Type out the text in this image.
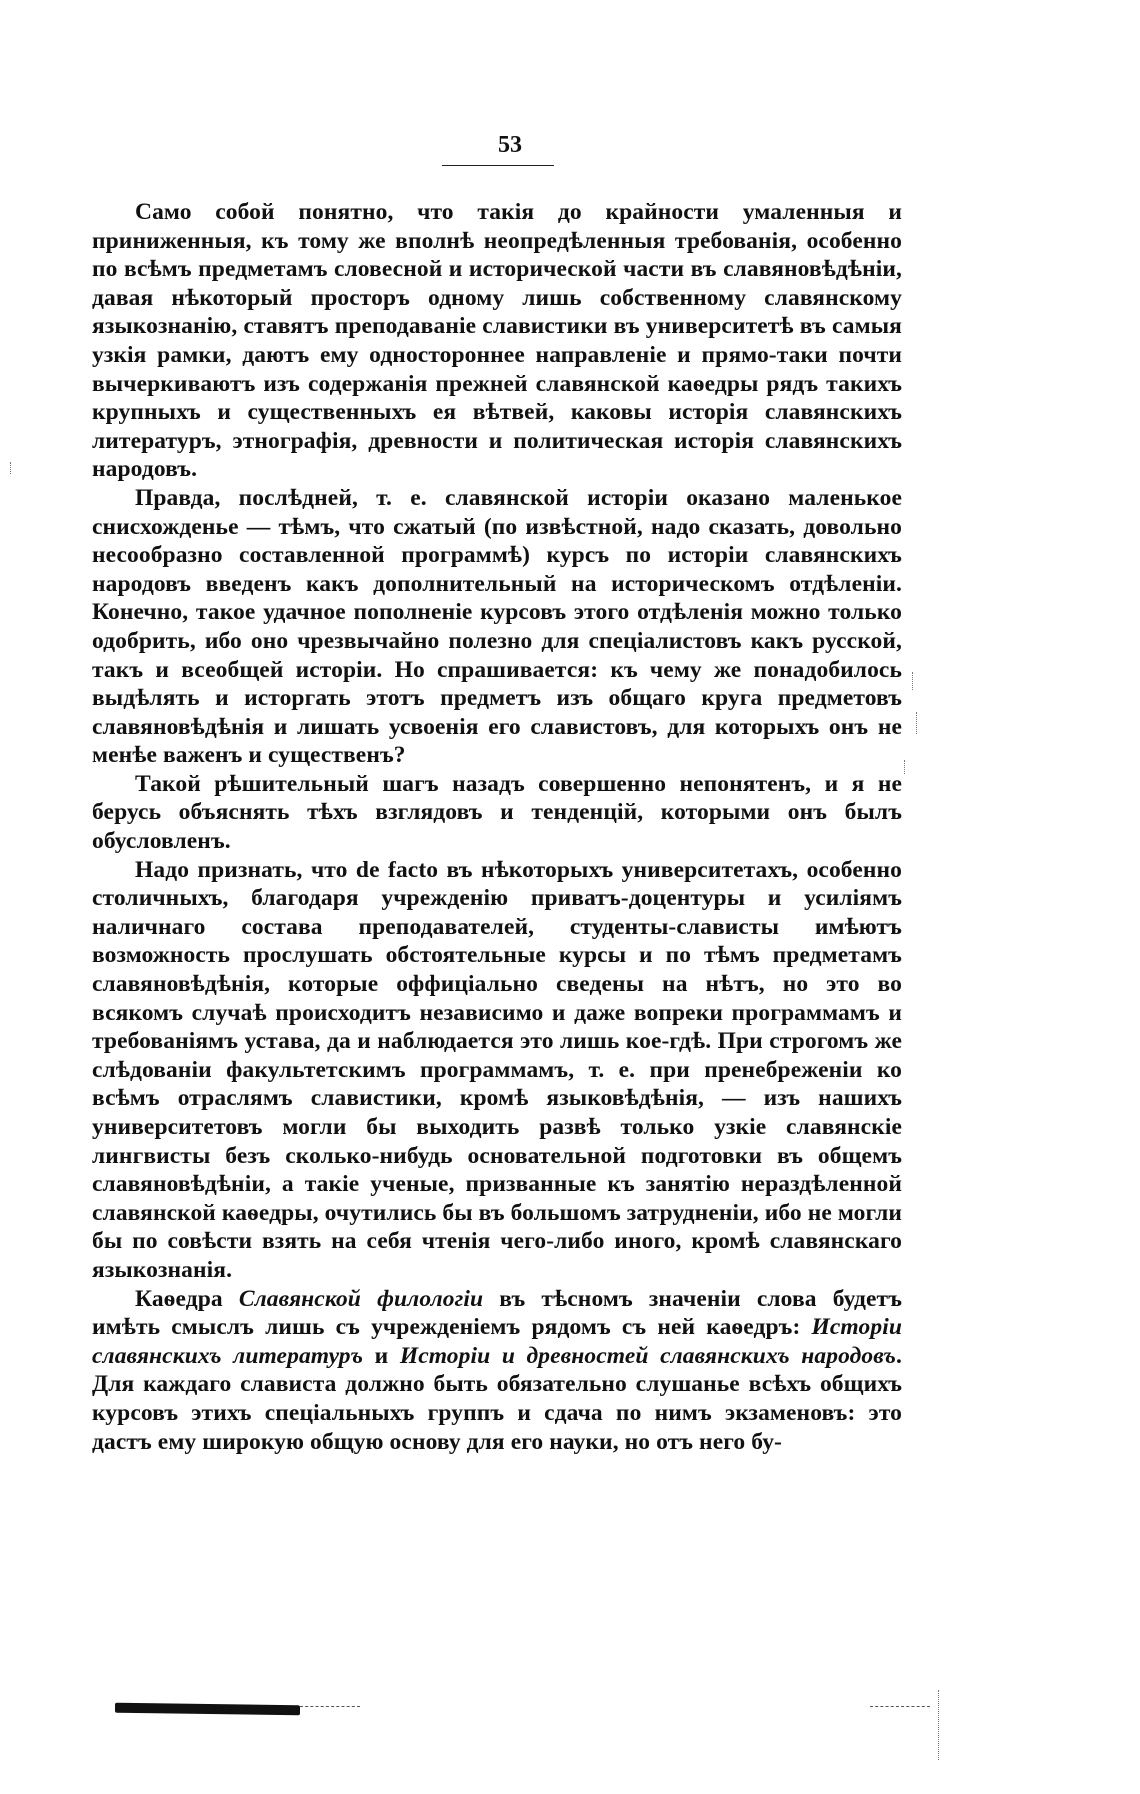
53

Само собой понятно, что такія до крайности умаленныя и приниженныя, къ тому же вполнѣ неопредѣленныя требованія, особенно по всѣмъ предметамъ словесной и исторической части въ славяновѣдѣніи, давая нѣкоторый просторъ одному лишь собственному славянскому языкознанію, ставятъ преподаваніе славистики въ университетѣ въ самыя узкія рамки, даютъ ему одностороннее направленіе и прямо-таки почти вычеркиваютъ изъ содержанія прежней славянской каѳедры рядъ такихъ крупныхъ и существенныхъ ея вѣтвей, каковы исторія славянскихъ литературъ, этнографія, древности и политическая исторія славянскихъ народовъ.

Правда, послѣдней, т. е. славянской исторіи оказано маленькое снисхожденье — тѣмъ, что сжатый (по извѣстной, надо сказать, довольно несообразно составленной программѣ) курсъ по исторіи славянскихъ народовъ введенъ какъ дополнительный на историческомъ отдѣленіи. Конечно, такое удачное пополненіе курсовъ этого отдѣленія можно только одобрить, ибо оно чрезвычайно полезно для спеціалистовъ какъ русской, такъ и всеобщей исторіи. Но спрашивается: къ чему же понадобилось выдѣлять и исторгать этотъ предметъ изъ общаго круга предметовъ славяновѣдѣнія и лишать усвоенія его славистовъ, для которыхъ онъ не менѣе важенъ и существенъ?

Такой рѣшительный шагъ назадъ совершенно непонятенъ, и я не берусь объяснять тѣхъ взглядовъ и тенденцій, которыми онъ былъ обусловленъ.

Надо признать, что de facto въ нѣкоторыхъ университетахъ, особенно столичныхъ, благодаря учрежденію приватъ-доцентуры и усиліямъ наличнаго состава преподавателей, студенты-слависты имѣютъ возможность прослушать обстоятельные курсы и по тѣмъ предметамъ славяновѣдѣнія, которые оффиціально сведены на нѣтъ, но это во всякомъ случаѣ происходитъ независимо и даже вопреки программамъ и требованіямъ устава, да и наблюдается это лишь кое-гдѣ. При строгомъ же слѣдованіи факультетскимъ программамъ, т. е. при пренебреженіи ко всѣмъ отраслямъ славистики, кромѣ языковѣдѣнія, — изъ нашихъ университетовъ могли бы выходить развѣ только узкіе славянскіе лингвисты безъ сколько-нибудь основательной подготовки въ общемъ славяновѣдѣніи, а такіе ученые, призванные къ занятію нераздѣленной славянской каѳедры, очутились бы въ большомъ затрудненіи, ибо не могли бы по совѣсти взять на себя чтенія чего-либо иного, кромѣ славянскаго языкознанія.

Каѳедра Славянской филологіи въ тѣсномъ значеніи слова будетъ имѣть смыслъ лишь съ учрежденіемъ рядомъ съ ней каѳедръ: Исторіи славянскихъ литературъ и Исторіи и древностей славянскихъ народовъ. Для каждаго слависта должно быть обязательно слушанье всѣхъ общихъ курсовъ этихъ спеціальныхъ группъ и сдача по нимъ экзаменовъ: это дастъ ему широкую общую основу для его науки, но отъ него бу-
